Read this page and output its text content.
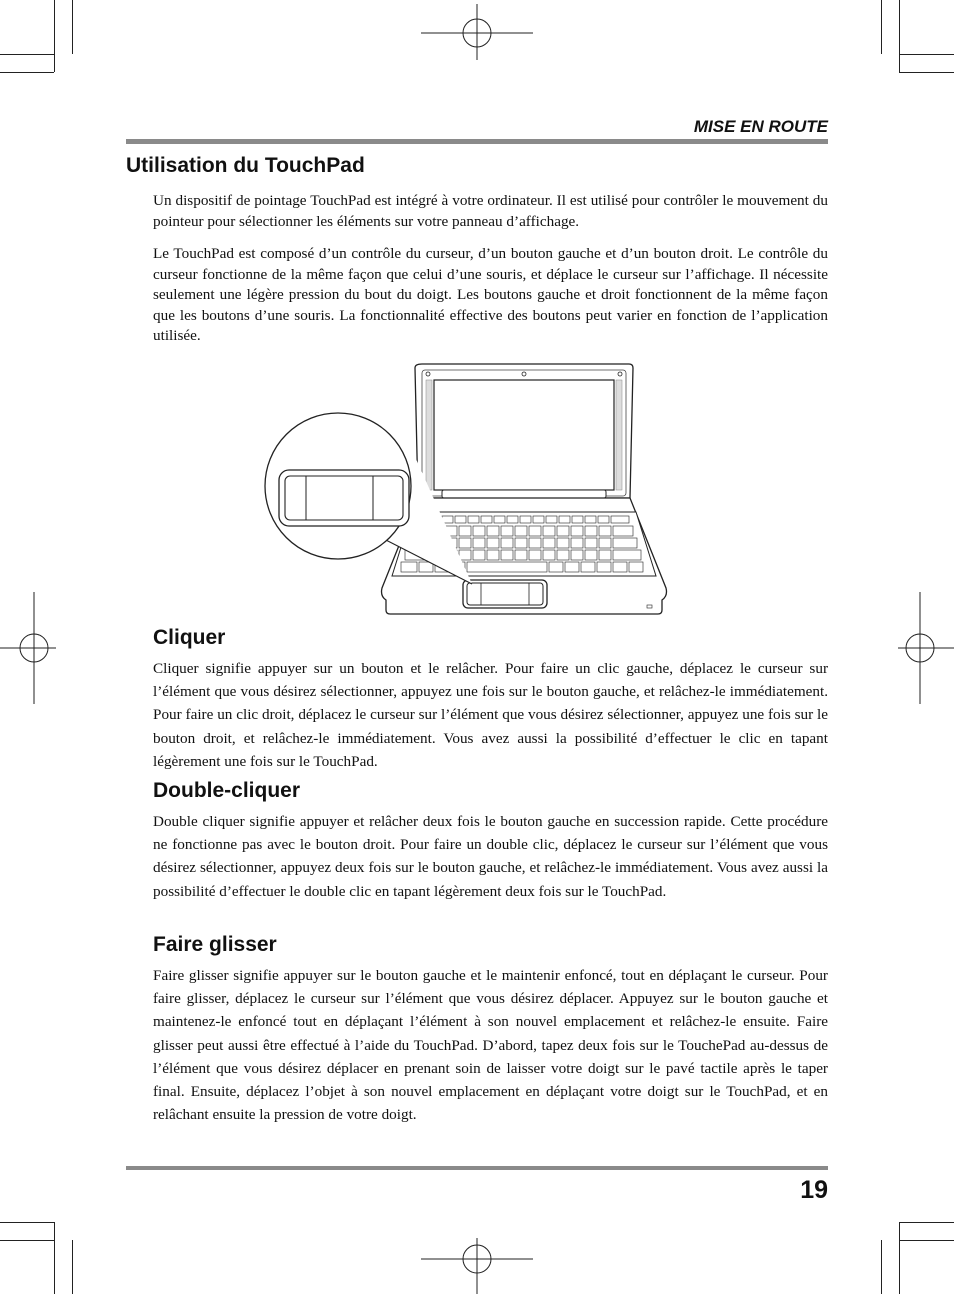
MISE EN ROUTE
Utilisation du TouchPad

Un dispositif de pointage TouchPad est intégré à votre ordinateur. Il est utilisé pour contrôler le mouvement du pointeur pour sélectionner les éléments sur votre panneau d’affichage.

Le TouchPad est composé d’un contrôle du curseur, d’un bouton gauche et d’un bouton droit. Le contrôle du curseur fonctionne de la même façon que celui d’une souris, et déplace le curseur sur l’affichage. Il nécessite seulement une légère pression du bout du doigt. Les boutons gauche et droit fonctionnent de la même façon que les boutons d’une souris. La fonctionnalité effective des boutons peut varier en fonction de l’application utilisée.

Cliquer

Cliquer signifie appuyer sur un bouton et le relâcher. Pour faire un clic gauche, déplacez le curseur sur l’élément que vous désirez sélectionner, appuyez une fois sur le bouton gauche, et relâchez-le immédiatement. Pour faire un clic droit, déplacez le curseur sur l’élément que vous désirez sélectionner, appuyez une fois sur le bouton droit, et relâchez-le immédiatement. Vous avez aussi la possibilité d’effectuer le clic en tapant légèrement une fois sur le TouchPad.

Double-cliquer

Double cliquer signifie appuyer et relâcher deux fois le bouton gauche en succession rapide. Cette procédure ne fonctionne pas avec le bouton droit. Pour faire un double clic, déplacez le curseur sur l’élément que vous désirez sélectionner, appuyez deux fois sur le bouton gauche, et relâchez-le immédiatement. Vous avez aussi la possibilité d’effectuer le double clic en tapant légèrement deux fois sur le TouchPad.

Faire glisser

Faire glisser signifie appuyer sur le bouton gauche et le maintenir enfoncé, tout en déplaçant le curseur. Pour faire glisser, déplacez le curseur sur l’élément que vous désirez déplacer. Appuyez sur le bouton gauche et maintenez-le enfoncé tout en déplaçant l’élément à son nouvel emplacement et relâchez-le ensuite. Faire glisser peut aussi être effectué à l’aide du TouchPad. D’abord, tapez deux fois sur le TouchePad au-dessus de l’élément que vous désirez déplacer en prenant soin de laisser votre doigt sur le pavé tactile après le taper final. Ensuite, déplacez l’objet à son nouvel emplacement en déplaçant votre doigt sur le TouchPad, et en relâchant ensuite la pression de votre doigt.

19
